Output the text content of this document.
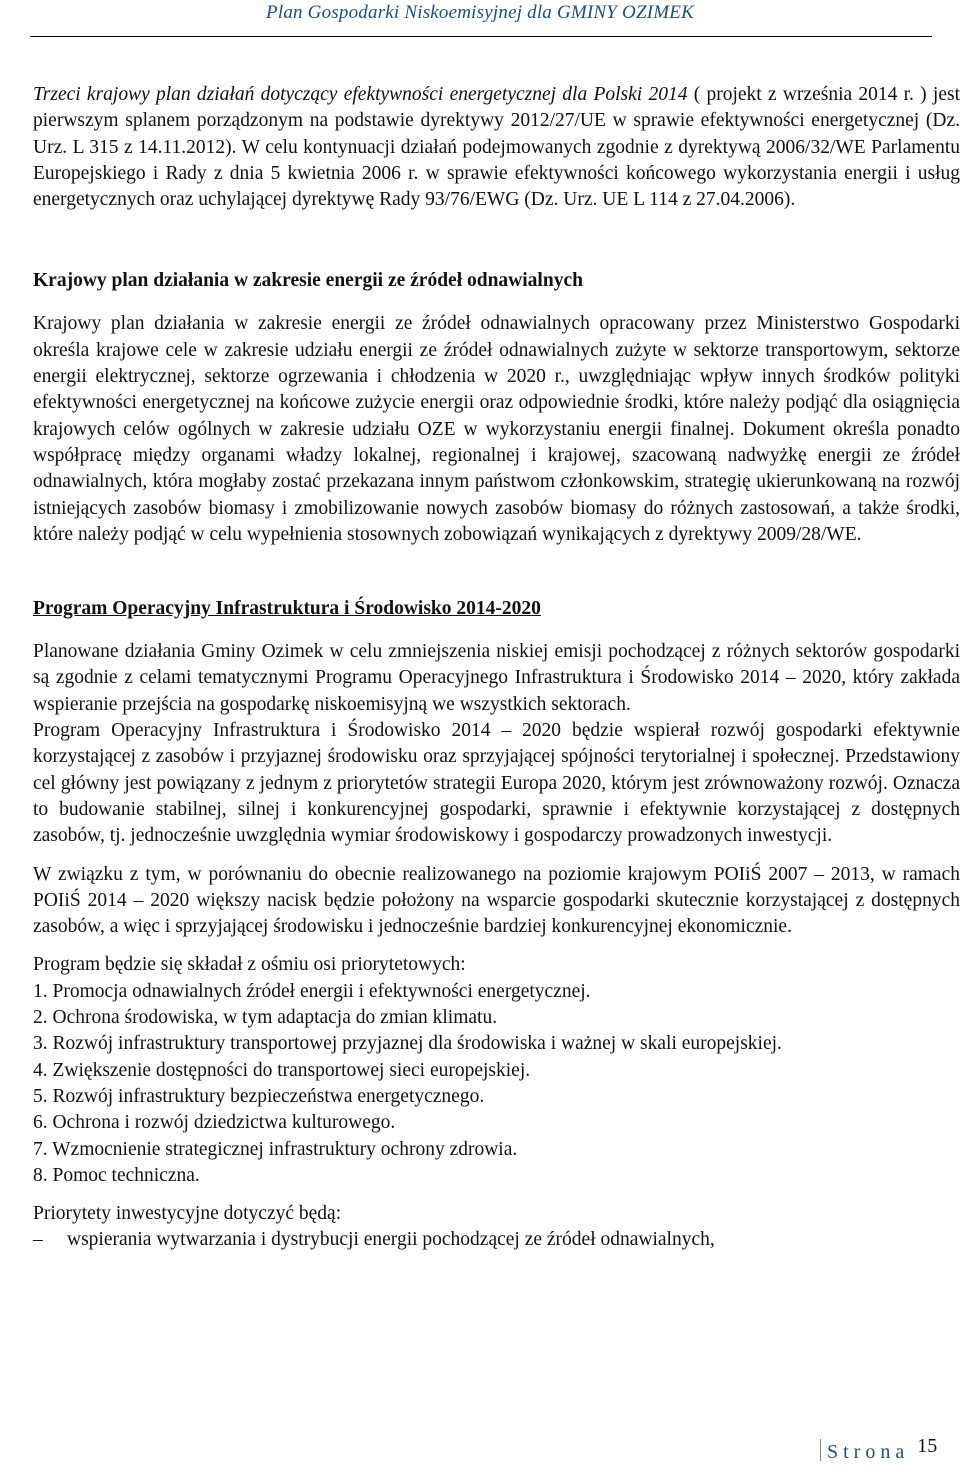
Plan Gospodarki Niskoemisyjnej dla GMINY OZIMEK

Trzeci krajowy plan działań dotyczący efektywności energetycznej dla Polski 2014 ( projekt z września 2014 r. ) jest pierwszym splanem porządzonym na podstawie dyrektywy 2012/27/UE w sprawie efektywności energetycznej (Dz. Urz. L 315 z 14.11.2012). W celu kontynuacji działań podejmowanych zgodnie z dyrektywą 2006/32/WE Parlamentu Europejskiego i Rady z dnia 5 kwietnia 2006 r. w sprawie efektywności końcowego wykorzystania energii i usług energetycznych oraz uchylającej dyrektywę Rady 93/76/EWG (Dz. Urz. UE L 114 z 27.04.2006).

Krajowy plan działania w zakresie energii ze źródeł odnawialnych

Krajowy plan działania w zakresie energii ze źródeł odnawialnych opracowany przez Ministerstwo Gospodarki określa krajowe cele w zakresie udziału energii ze źródeł odnawialnych zużyte w sektorze transportowym, sektorze energii elektrycznej, sektorze ogrzewania i chłodzenia w 2020 r., uwzględniając wpływ innych środków polityki efektywności energetycznej na końcowe zużycie energii oraz odpowiednie środki, które należy podjąć dla osiągnięcia krajowych celów ogólnych w zakresie udziału OZE w wykorzystaniu energii finalnej. Dokument określa ponadto współpracę między organami władzy lokalnej, regionalnej i krajowej, szacowaną nadwyżkę energii ze źródeł odnawialnych, która mogłaby zostać przekazana innym państwom członkowskim, strategię ukierunkowaną na rozwój istniejących zasobów biomasy i zmobilizowanie nowych zasobów biomasy do różnych zastosowań, a także środki, które należy podjąć w celu wypełnienia stosownych zobowiązań wynikających z dyrektywy 2009/28/WE.

Program Operacyjny Infrastruktura i Środowisko 2014-2020

Planowane działania Gminy Ozimek w celu zmniejszenia niskiej emisji pochodzącej z różnych sektorów gospodarki są zgodnie z celami tematycznymi Programu Operacyjnego Infrastruktura i Środowisko 2014 – 2020, który zakłada wspieranie przejścia na gospodarkę niskoemisyjną we wszystkich sektorach.

Program Operacyjny Infrastruktura i Środowisko 2014 – 2020 będzie wspierał rozwój gospodarki efektywnie korzystającej z zasobów i przyjaznej środowisku oraz sprzyjającej spójności terytorialnej i społecznej. Przedstawiony cel główny jest powiązany z jednym z priorytetów strategii Europa 2020, którym jest zrównoważony rozwój. Oznacza to budowanie stabilnej, silnej i konkurencyjnej gospodarki, sprawnie i efektywnie korzystającej z dostępnych zasobów, tj. jednocześnie uwzględnia wymiar środowiskowy i gospodarczy prowadzonych inwestycji.

W związku z tym, w porównaniu do obecnie realizowanego na poziomie krajowym POIiŚ 2007 – 2013, w ramach POIiŚ 2014 – 2020 większy nacisk będzie położony na wsparcie gospodarki skutecznie korzystającej z dostępnych zasobów, a więc i sprzyjającej środowisku i jednocześnie bardziej konkurencyjnej ekonomicznie.

Program będzie się składał z ośmiu osi priorytetowych:

1. Promocja odnawialnych źródeł energii i efektywności energetycznej.
2. Ochrona środowiska, w tym adaptacja do zmian klimatu.
3. Rozwój infrastruktury transportowej przyjaznej dla środowiska i ważnej w skali europejskiej.
4. Zwiększenie dostępności do transportowej sieci europejskiej.
5. Rozwój infrastruktury bezpieczeństwa energetycznego.
6. Ochrona i rozwój dziedzictwa kulturowego.
7. Wzmocnienie strategicznej infrastruktury ochrony zdrowia.
8. Pomoc techniczna.

Priorytety inwestycyjne dotyczyć będą:

– wspierania wytwarzania i dystrybucji energii pochodzącej ze źródeł odnawialnych,
Strona 15
